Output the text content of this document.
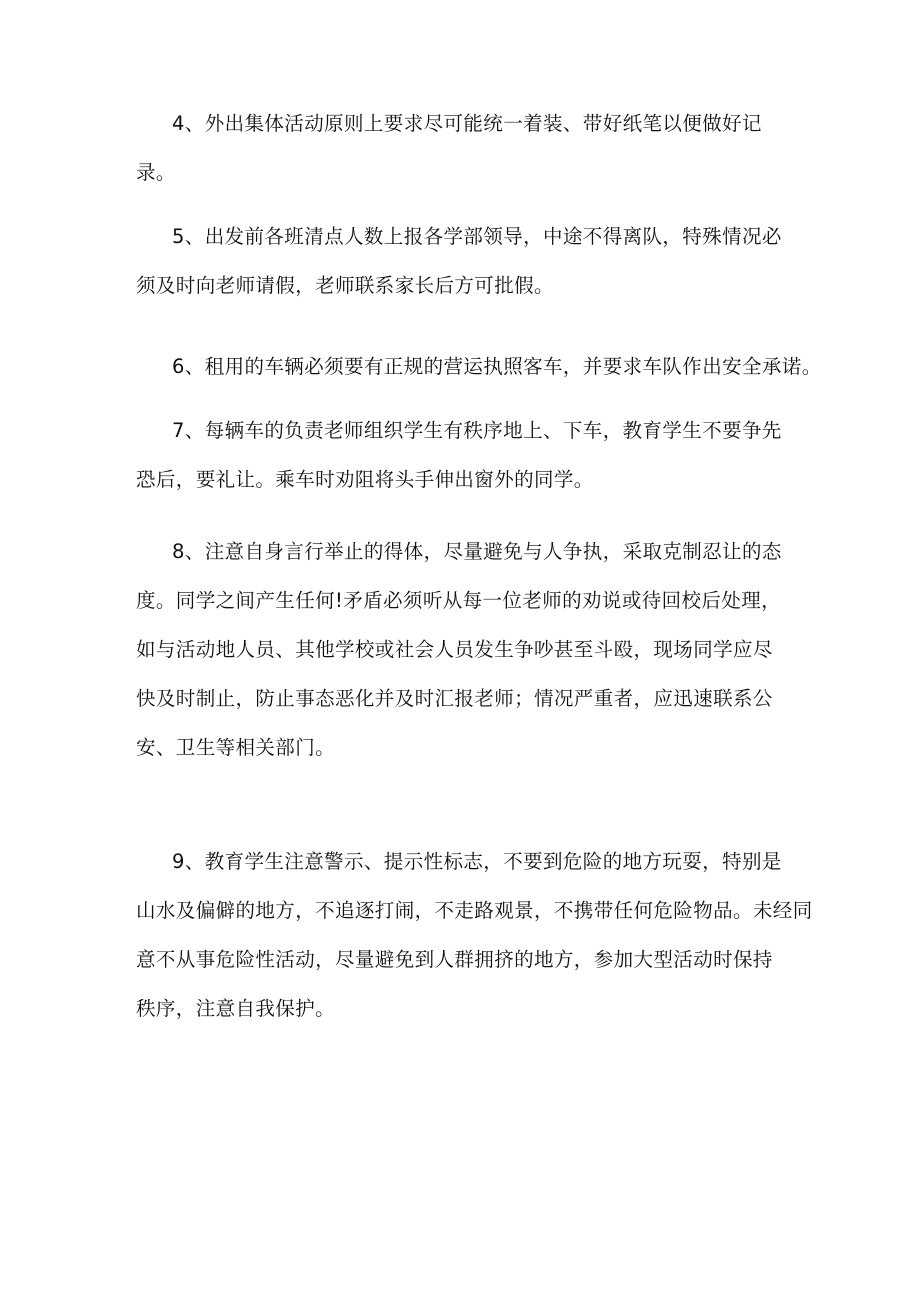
4、外出集体活动原则上要求尽可能统一着装、带好纸笔以便做好记
录。
5、出发前各班清点人数上报各学部领导，中途不得离队，特殊情况必
须及时向老师请假，老师联系家长后方可批假。
6、租用的车辆必须要有正规的营运执照客车，并要求车队作出安全承诺。
7、每辆车的负责老师组织学生有秩序地上、下车，教育学生不要争先
恐后，要礼让。乘车时劝阻将头手伸出窗外的同学。
8、注意自身言行举止的得体，尽量避免与人争执，采取克制忍让的态
度。同学之间产生任何!矛盾必须听从每一位老师的劝说或待回校后处理，
如与活动地人员、其他学校或社会人员发生争吵甚至斗殴，现场同学应尽
快及时制止，防止事态恶化并及时汇报老师；情况严重者，应迅速联系公
安、卫生等相关部门。
9、教育学生注意警示、提示性标志，不要到危险的地方玩耍，特别是
山水及偏僻的地方，不追逐打闹，不走路观景，不携带任何危险物品。未经同
意不从事危险性活动，尽量避免到人群拥挤的地方，参加大型活动时保持
秩序，注意自我保护。
